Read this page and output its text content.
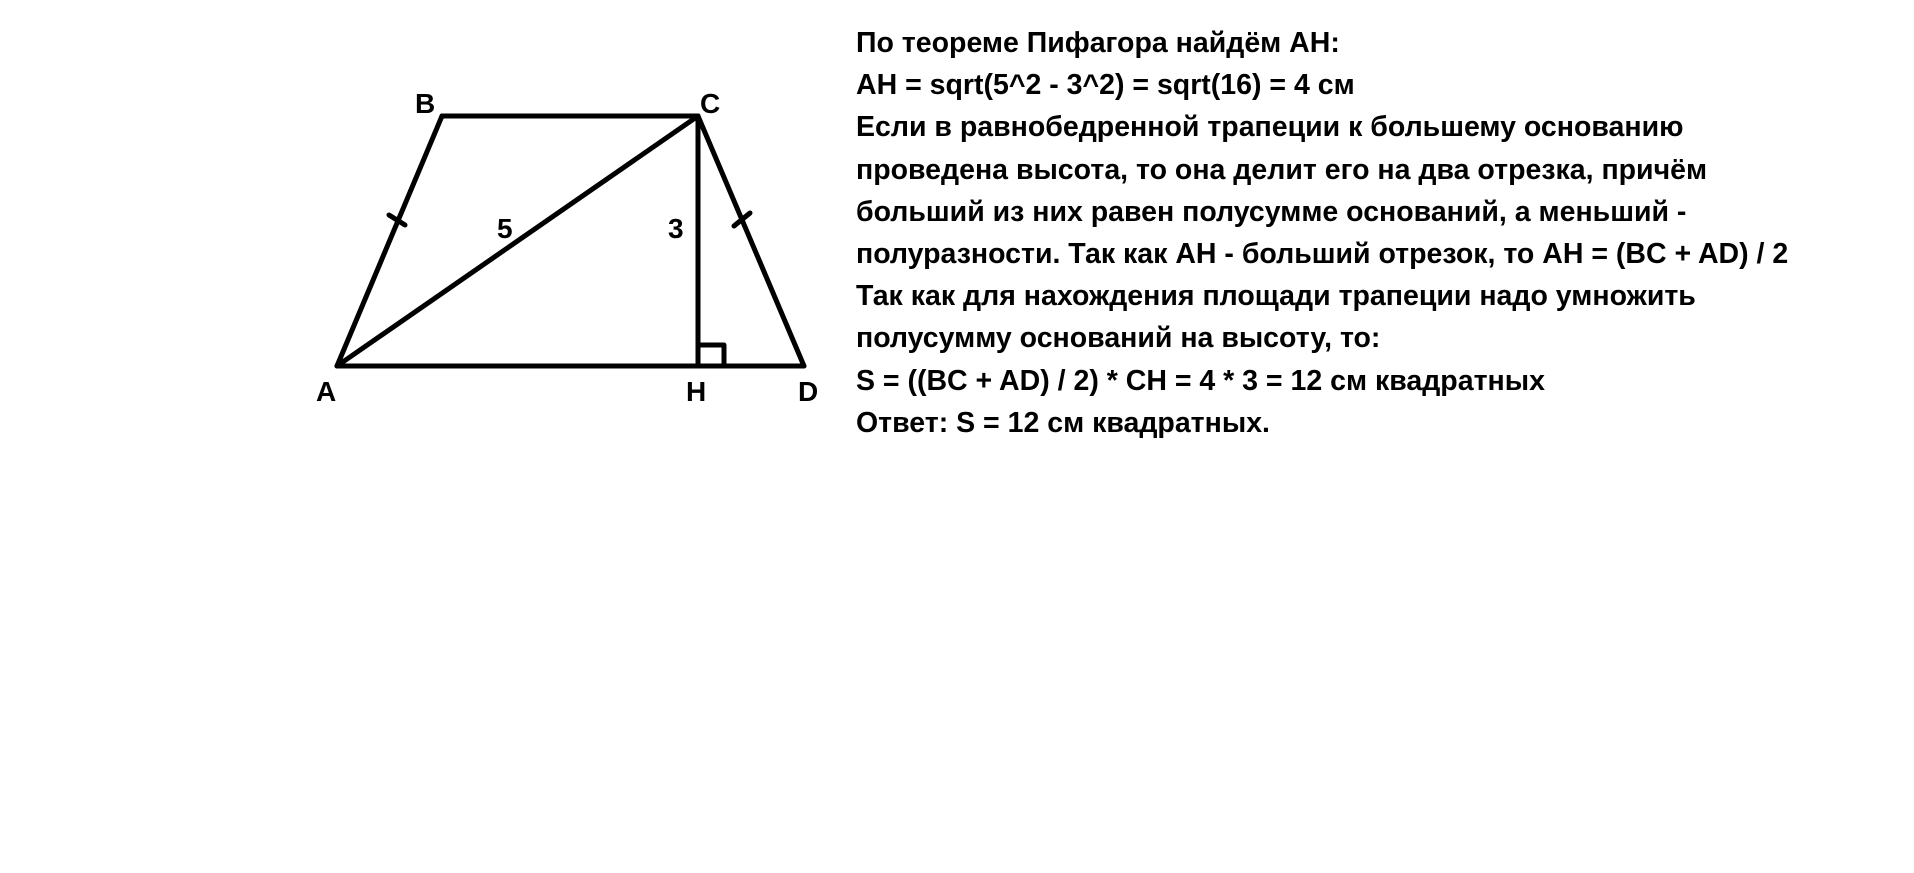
B	C
A	H	D
5	3
По теореме Пифагора найдём AH:
AH = sqrt(5^2 - 3^2) = sqrt(16) = 4 см
Если в равнобедренной трапеции к большему основанию
проведена высота, то она делит его на два отрезка, причём
больший из них равен полусумме оснований, а меньший -
полуразности. Так как AH - больший отрезок, то AH = (BC + AD) / 2
Так как для нахождения площади трапеции надо умножить
полусумму оснований на высоту, то:
S = ((BC + AD) / 2) * CH = 4 * 3 = 12 см квадратных
Ответ: S = 12 см квадратных.
